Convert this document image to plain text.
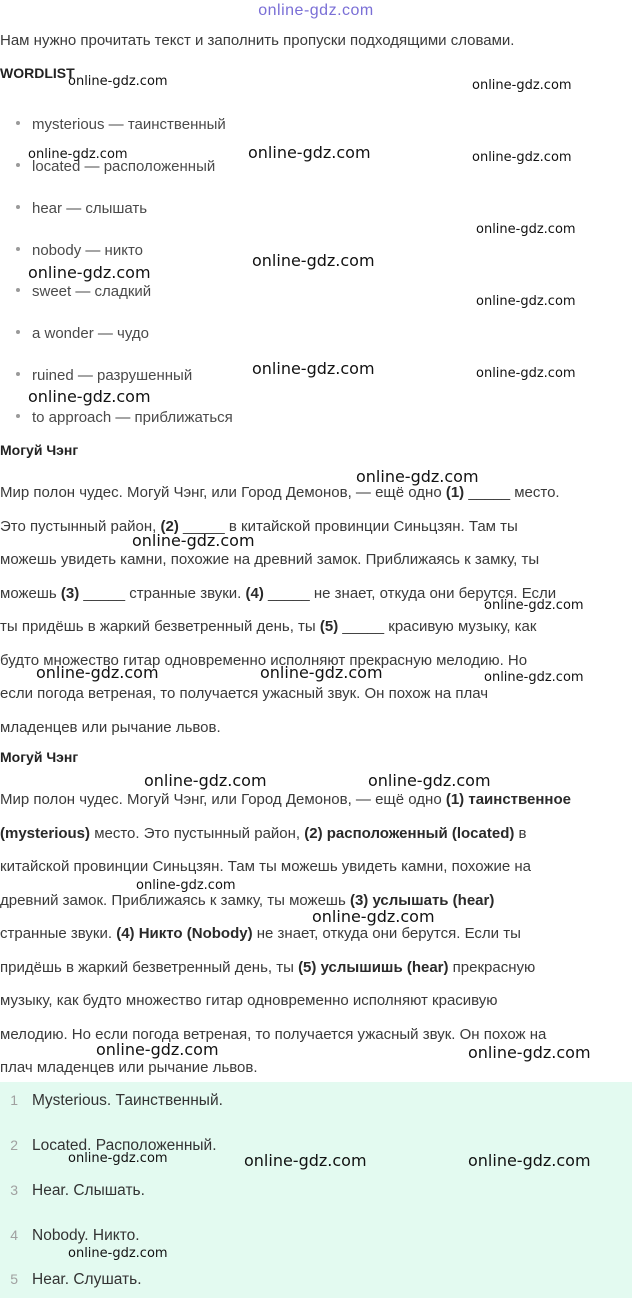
online-gdz.com
Нам нужно прочитать текст и заполнить пропуски подходящими словами.
WORDLIST
mysterious — таинственный
located — расположенный
hear — слышать
nobody — никто
sweet — сладкий
a wonder — чудо
ruined — разрушенный
to approach — приближаться
Могуй Чэнг
Мир полон чудес. Могуй Чэнг, или Город Демонов, — ещё одно (1) _____ место.
Это пустынный район, (2) _____ в китайской провинции Синьцзян. Там ты
можешь увидеть камни, похожие на древний замок. Приближаясь к замку, ты
можешь (3) _____ странные звуки. (4) _____ не знает, откуда они берутся. Если
ты придёшь в жаркий безветренный день, ты (5) _____ красивую музыку, как
будто множество гитар одновременно исполняют прекрасную мелодию. Но
если погода ветреная, то получается ужасный звук. Он похож на плач
младенцев или рычание львов.
Могуй Чэнг
Мир полон чудес. Могуй Чэнг, или Город Демонов, — ещё одно (1) таинственное
(mysterious) место. Это пустынный район, (2) расположенный (located) в
китайской провинции Синьцзян. Там ты можешь увидеть камни, похожие на
древний замок. Приближаясь к замку, ты можешь (3) услышать (hear)
странные звуки. (4) Никто (Nobody) не знает, откуда они берутся. Если ты
придёшь в жаркий безветренный день, ты (5) услышишь (hear) прекрасную
музыку, как будто множество гитар одновременно исполняют красивую
мелодию. Но если погода ветреная, то получается ужасный звук. Он похож на
плач младенцев или рычание львов.
1 Mysterious. Таинственный.
2 Located. Расположенный.
3 Hear. Слышать.
4 Nobody. Никто.
5 Hear. Слушать.
online-gdz.com	online-gdz.com
online-gdz.com	online-gdz.com	online-gdz.com
online-gdz.com
online-gdz.com
online-gdz.com
online-gdz.com
online-gdz.com	online-gdz.com
online-gdz.com
online-gdz.com
online-gdz.com
online-gdz.com
online-gdz.com	online-gdz.com	online-gdz.com
online-gdz.com	online-gdz.com
online-gdz.com
online-gdz.com
online-gdz.com	online-gdz.com
online-gdz.com	online-gdz.com	online-gdz.com
online-gdz.com
